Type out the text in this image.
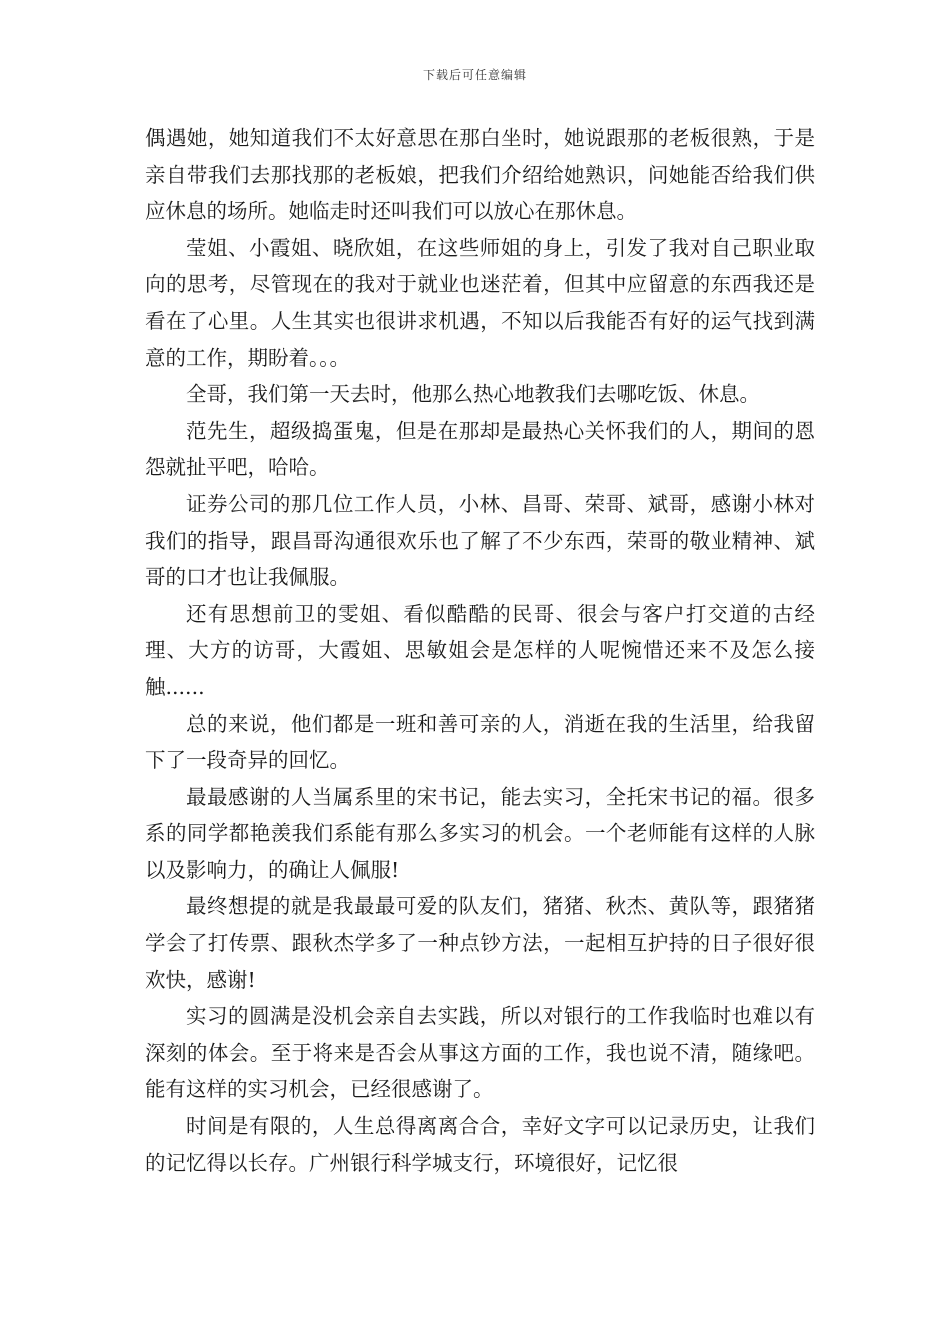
下载后可任意编辑

偶遇她，她知道我们不太好意思在那白坐时，她说跟那的老板很熟，于是亲自带我们去那找那的老板娘，把我们介绍给她熟识，问她能否给我们供应休息的场所。她临走时还叫我们可以放心在那休息。

莹姐、小霞姐、晓欣姐，在这些师姐的身上，引发了我对自己职业取向的思考，尽管现在的我对于就业也迷茫着，但其中应留意的东西我还是看在了心里。人生其实也很讲求机遇，不知以后我能否有好的运气找到满意的工作，期盼着。。。

全哥，我们第一天去时，他那么热心地教我们去哪吃饭、休息。

范先生，超级捣蛋鬼，但是在那却是最热心关怀我们的人，期间的恩怨就扯平吧，哈哈。

证券公司的那几位工作人员，小林、昌哥、荣哥、斌哥，感谢小林对我们的指导，跟昌哥沟通很欢乐也了解了不少东西，荣哥的敬业精神、斌哥的口才也让我佩服。

还有思想前卫的雯姐、看似酷酷的民哥、很会与客户打交道的古经理、大方的访哥，大霞姐、思敏姐会是怎样的人呢惋惜还来不及怎么接触......

总的来说，他们都是一班和善可亲的人，消逝在我的生活里，给我留下了一段奇异的回忆。

最最感谢的人当属系里的宋书记，能去实习，全托宋书记的福。很多系的同学都艳羡我们系能有那么多实习的机会。一个老师能有这样的人脉以及影响力，的确让人佩服!

最终想提的就是我最最可爱的队友们，猪猪、秋杰、黄队等，跟猪猪学会了打传票、跟秋杰学多了一种点钞方法，一起相互护持的日子很好很欢快，感谢!

实习的圆满是没机会亲自去实践，所以对银行的工作我临时也难以有深刻的体会。至于将来是否会从事这方面的工作，我也说不清，随缘吧。能有这样的实习机会，已经很感谢了。

时间是有限的，人生总得离离合合，幸好文字可以记录历史，让我们的记忆得以长存。广州银行科学城支行，环境很好，记忆很
